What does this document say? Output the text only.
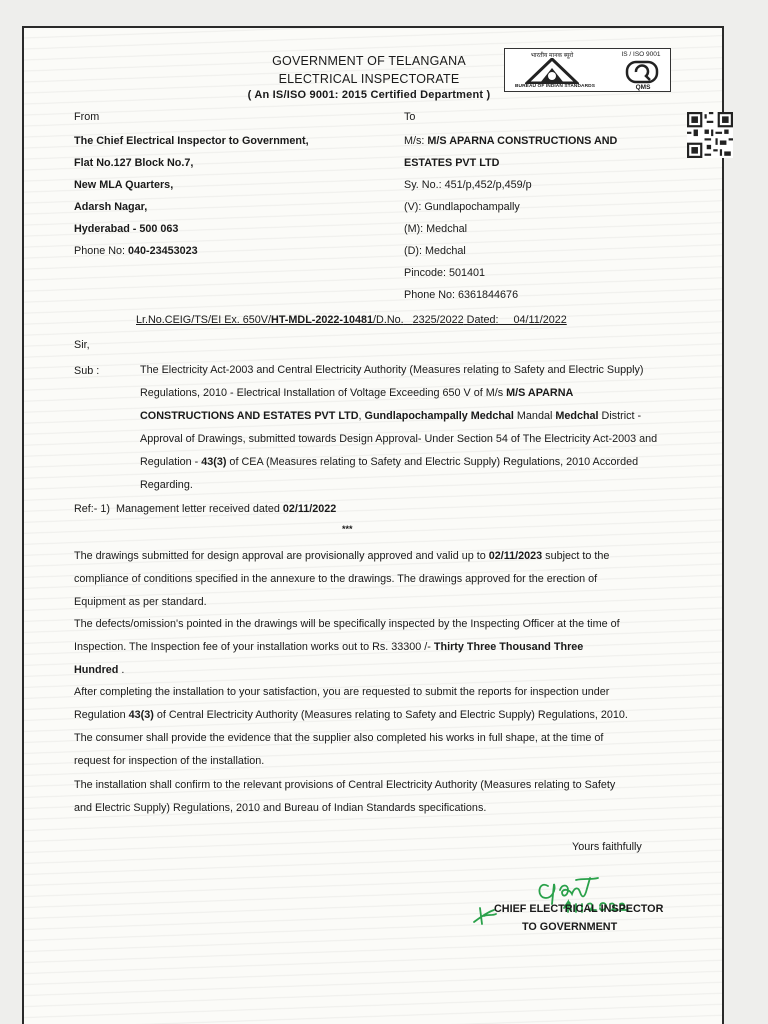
GOVERNMENT OF TELANGANA
ELECTRICAL INSPECTORATE
( An IS/ISO 9001: 2015 Certified Department )
भारतीय मानक ब्यूरो
BUREAU OF INDIAN STANDARDS
IS / ISO 9001
QMS
From
The Chief Electrical Inspector to Government,
Flat No.127 Block No.7,
New MLA Quarters,
Adarsh Nagar,
Hyderabad - 500 063
Phone No: 040-23453023
To
M/s: M/S APARNA CONSTRUCTIONS AND
ESTATES PVT LTD
Sy. No.: 451/p,452/p,459/p
(V): Gundlapochampally
(M): Medchal
(D): Medchal
Pincode: 501401
Phone No: 6361844676
Lr.No.CEIG/TS/EI Ex. 650V/HT-MDL-2022-10481/D.No. 2325/2022 Dated: 04/11/2022
Sir,
Sub :	The Electricity Act-2003 and Central Electricity Authority (Measures relating to Safety and Electric Supply)
Regulations, 2010 - Electrical Installation of Voltage Exceeding 650 V of M/s M/S APARNA
CONSTRUCTIONS AND ESTATES PVT LTD, Gundlapochampally Medchal Mandal Medchal District -
Approval of Drawings, submitted towards Design Approval- Under Section 54 of The Electricity Act-2003 and
Regulation - 43(3) of CEA (Measures relating to Safety and Electric Supply) Regulations, 2010 Accorded
Regarding.
Ref:- 1) Management letter received dated 02/11/2022
***
The drawings submitted for design approval are provisionally approved and valid up to 02/11/2023 subject to the
compliance of conditions specified in the annexure to the drawings. The drawings approved for the erection of
Equipment as per standard.
The defects/omission's pointed in the drawings will be specifically inspected by the Inspecting Officer at the time of
Inspection. The Inspection fee of your installation works out to Rs. 33300 /- Thirty Three Thousand Three
Hundred .
After completing the installation to your satisfaction, you are requested to submit the reports for inspection under
Regulation 43(3) of Central Electricity Authority (Measures relating to Safety and Electric Supply) Regulations, 2010.
The consumer shall provide the evidence that the supplier also completed his works in full shape, at the time of
request for inspection of the installation.
The installation shall confirm to the relevant provisions of Central Electricity Authority (Measures relating to Safety
and Electric Supply) Regulations, 2010 and Bureau of Indian Standards specifications.
Yours faithfully
CHIEF ELECTRICAL INSPECTOR
TO GOVERNMENT
